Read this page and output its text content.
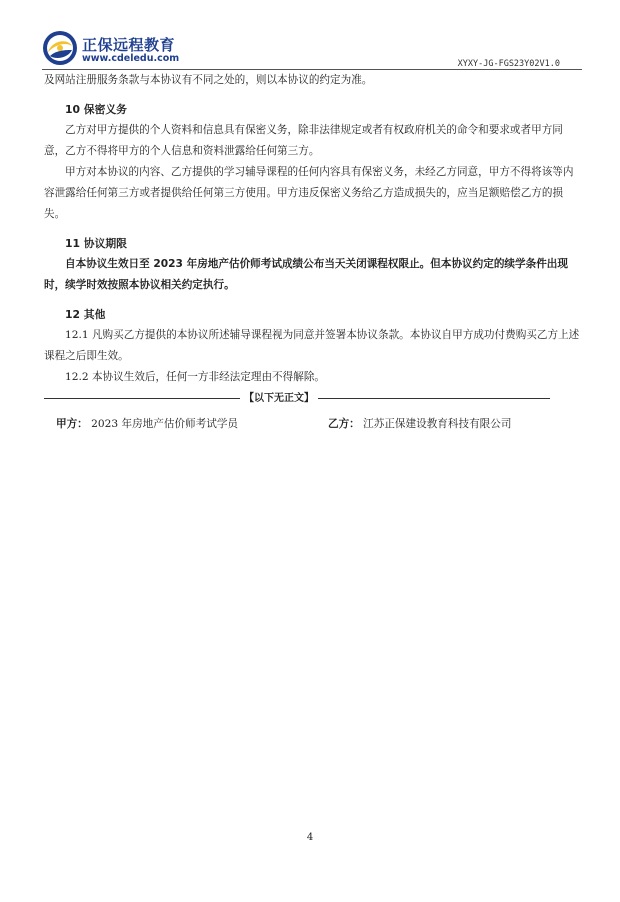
正保远程教育
www.cdeledu.com	XYXY-JG-FGS23Y02V1.0

及网站注册服务条款与本协议有不同之处的，则以本协议的约定为准。

10 保密义务

乙方对甲方提供的个人资料和信息具有保密义务，除非法律规定或者有权政府机关的命令和要求或者甲方同意，乙方不得将甲方的个人信息和资料泄露给任何第三方。

甲方对本协议的内容、乙方提供的学习辅导课程的任何内容具有保密义务，未经乙方同意，甲方不得将该等内容泄露给任何第三方或者提供给任何第三方使用。甲方违反保密义务给乙方造成损失的，应当足额赔偿乙方的损失。

11 协议期限

自本协议生效日至 2023 年房地产估价师考试成绩公布当天关闭课程权限止。但本协议约定的续学条件出现时，续学时效按照本协议相关约定执行。

12 其他

12.1 凡购买乙方提供的本协议所述辅导课程视为同意并签署本协议条款。本协议自甲方成功付费购买乙方上述课程之后即生效。

12.2 本协议生效后，任何一方非经法定理由不得解除。

【以下无正文】
甲方： 2023 年房地产估价师考试学员	乙方： 江苏正保建设教育科技有限公司
4
